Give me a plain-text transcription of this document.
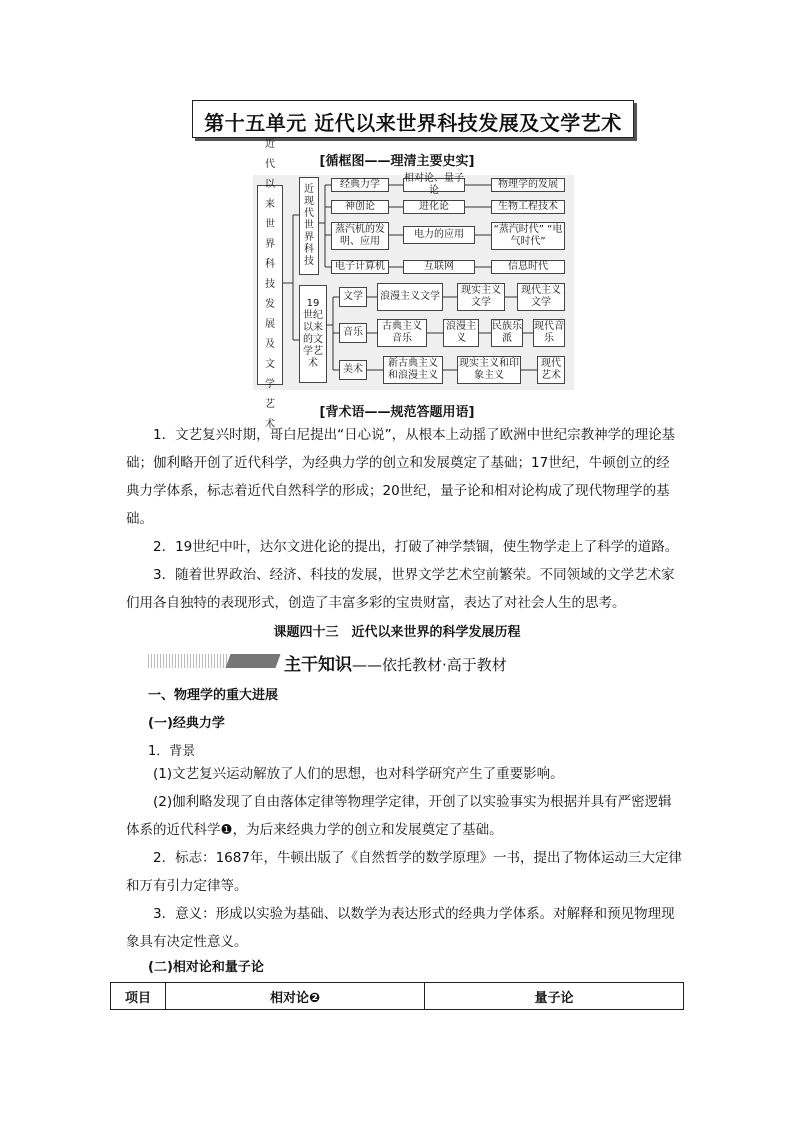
第十五单元 近代以来世界科技发展及文学艺术
[循框图——理清主要史实]
近代以来世界科技发展及文学艺术
近现代世界科技
19世纪以来的文学艺术
经典力学
相对论、量子论
物理学的发展
神创论	进化论	生物工程技术
蒸汽机的发明、应用
电力的应用	“蒸汽时代” “电气时代”
电子计算机	互联网	信息时代
文学	浪漫主义文学
现实主义文学
现代主义文学
音乐
古典主义音乐
浪漫主义
民族乐派
现代音乐
美术
新古典主义和浪漫主义
现实主义和印象主义
现代艺术
[背术语——规范答题用语]

1．文艺复兴时期，哥白尼提出“日心说”，从根本上动摇了欧洲中世纪宗教神学的理论基础；伽利略开创了近代科学，为经典力学的创立和发展奠定了基础；17世纪，牛顿创立的经典力学体系，标志着近代自然科学的形成；20世纪，量子论和相对论构成了现代物理学的基础。

2．19世纪中叶，达尔文进化论的提出，打破了神学禁锢，使生物学走上了科学的道路。

3．随着世界政治、经济、科技的发展，世界文学艺术空前繁荣。不同领域的文学艺术家们用各自独特的表现形式，创造了丰富多彩的宝贵财富，表达了对社会人生的思考。

课题四十三　近代以来世界的科学发展历程
主干知识——依托教材·高于教材
一、物理学的重大进展
(一)经典力学
1．背景

(1)文艺复兴运动解放了人们的思想，也对科学研究产生了重要影响。

(2)伽利略发现了自由落体定律等物理学定律，开创了以实验事实为根据并具有严密逻辑体系的近代科学❶，为后来经典力学的创立和发展奠定了基础。

2．标志：1687年，牛顿出版了《自然哲学的数学原理》一书，提出了物体运动三大定律和万有引力定律等。

3．意义：形成以实验为基础、以数学为表达形式的经典力学体系。对解释和预见物理现象具有决定性意义。

(二)相对论和量子论
项目	相对论❷	量子论
